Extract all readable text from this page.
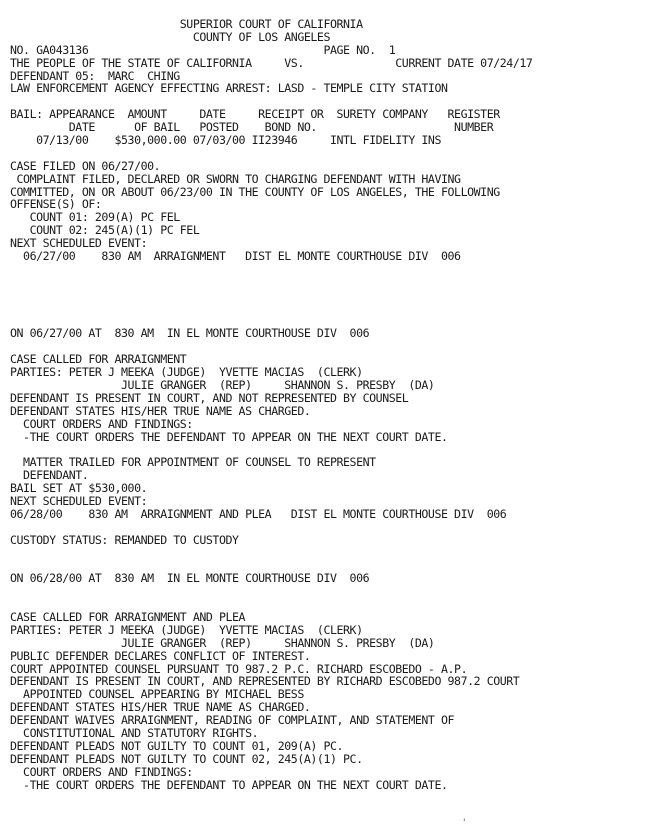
SUPERIOR COURT OF CALIFORNIA
COUNTY OF LOS ANGELES
NO. GA043136	PAGE NO.  1
THE PEOPLE OF THE STATE OF CALIFORNIA     VS.	CURRENT DATE 07/24/17
DEFENDANT 05:  MARC  CHING
LAW ENFORCEMENT AGENCY EFFECTING ARREST: LASD - TEMPLE CITY STATION
BAIL: APPEARANCE  AMOUNT     DATE     RECEIPT OR  SURETY COMPANY   REGISTER
DATE      OF BAIL   POSTED    BOND NO.                     NUMBER
07/13/00    $530,000.00 07/03/00 II23946     INTL FIDELITY INS
CASE FILED ON 06/27/00.
COMPLAINT FILED, DECLARED OR SWORN TO CHARGING DEFENDANT WITH HAVING
COMMITTED, ON OR ABOUT 06/23/00 IN THE COUNTY OF LOS ANGELES, THE FOLLOWING
OFFENSE(S) OF:
COUNT 01: 209(A) PC FEL
COUNT 02: 245(A)(1) PC FEL
NEXT SCHEDULED EVENT:
06/27/00    830 AM  ARRAIGNMENT   DIST EL MONTE COURTHOUSE DIV  006
ON 06/27/00 AT  830 AM  IN EL MONTE COURTHOUSE DIV  006
CASE CALLED FOR ARRAIGNMENT
PARTIES: PETER J MEEKA (JUDGE)  YVETTE MACIAS  (CLERK)
JULIE GRANGER  (REP)     SHANNON S. PRESBY  (DA)
DEFENDANT IS PRESENT IN COURT, AND NOT REPRESENTED BY COUNSEL
DEFENDANT STATES HIS/HER TRUE NAME AS CHARGED.
COURT ORDERS AND FINDINGS:
-THE COURT ORDERS THE DEFENDANT TO APPEAR ON THE NEXT COURT DATE.
MATTER TRAILED FOR APPOINTMENT OF COUNSEL TO REPRESENT
DEFENDANT.
BAIL SET AT $530,000.
NEXT SCHEDULED EVENT:
06/28/00    830 AM  ARRAIGNMENT AND PLEA   DIST EL MONTE COURTHOUSE DIV  006
CUSTODY STATUS: REMANDED TO CUSTODY
ON 06/28/00 AT  830 AM  IN EL MONTE COURTHOUSE DIV  006
CASE CALLED FOR ARRAIGNMENT AND PLEA
PARTIES: PETER J MEEKA (JUDGE)  YVETTE MACIAS  (CLERK)
JULIE GRANGER  (REP)     SHANNON S. PRESBY  (DA)
PUBLIC DEFENDER DECLARES CONFLICT OF INTEREST.
COURT APPOINTED COUNSEL PURSUANT TO 987.2 P.C. RICHARD ESCOBEDO - A.P.
DEFENDANT IS PRESENT IN COURT, AND REPRESENTED BY RICHARD ESCOBEDO 987.2 COURT
APPOINTED COUNSEL APPEARING BY MICHAEL BESS
DEFENDANT STATES HIS/HER TRUE NAME AS CHARGED.
DEFENDANT WAIVES ARRAIGNMENT, READING OF COMPLAINT, AND STATEMENT OF
CONSTITUTIONAL AND STATUTORY RIGHTS.
DEFENDANT PLEADS NOT GUILTY TO COUNT 01, 209(A) PC.
DEFENDANT PLEADS NOT GUILTY TO COUNT 02, 245(A)(1) PC.
COURT ORDERS AND FINDINGS:
-THE COURT ORDERS THE DEFENDANT TO APPEAR ON THE NEXT COURT DATE.
'
